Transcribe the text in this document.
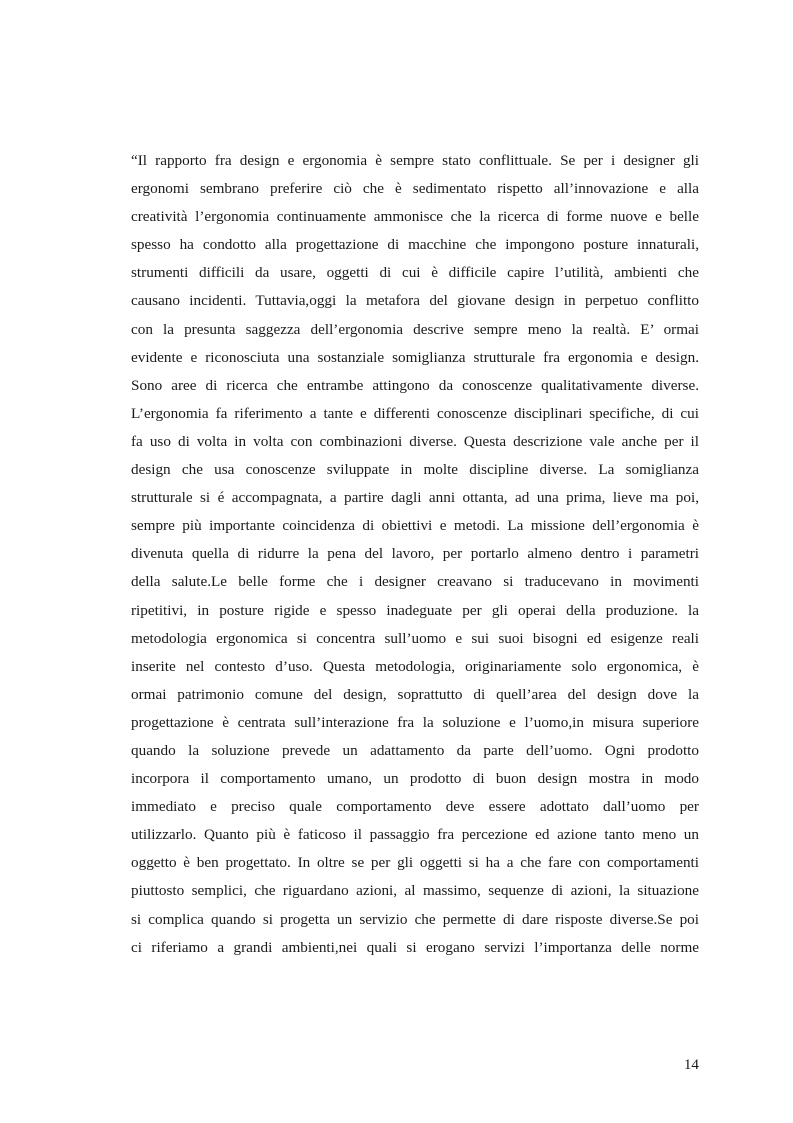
“Il rapporto fra design e ergonomia è sempre stato conflittuale. Se per i designer gli
ergonomi sembrano preferire ciò che è sedimentato rispetto all’innovazione e alla
creatività l’ergonomia continuamente ammonisce che la ricerca di forme nuove e belle
spesso ha condotto alla progettazione di macchine che impongono posture innaturali,
strumenti difficili da usare, oggetti di cui è difficile capire l’utilità, ambienti che
causano incidenti. Tuttavia,oggi la metafora del giovane design in perpetuo conflitto
con la presunta saggezza dell’ergonomia descrive sempre meno la realtà. E’ ormai
evidente e riconosciuta una sostanziale somiglianza strutturale fra ergonomia e design.
Sono aree di ricerca che entrambe attingono da conoscenze qualitativamente diverse.
L’ergonomia fa riferimento a tante e differenti conoscenze disciplinari specifiche, di cui
fa uso di volta in volta con combinazioni diverse. Questa descrizione vale anche per il
design che usa conoscenze sviluppate in molte discipline diverse. La somiglianza
strutturale si é accompagnata, a partire dagli anni ottanta, ad una prima, lieve ma poi,
sempre più importante coincidenza di obiettivi e metodi. La missione dell’ergonomia è
divenuta quella di ridurre la pena del lavoro, per portarlo almeno dentro i parametri
della salute.Le belle forme che i designer creavano si traducevano in movimenti
ripetitivi, in posture rigide e spesso inadeguate per gli operai della produzione. la
metodologia ergonomica si concentra sull’uomo e sui suoi bisogni ed esigenze reali
inserite nel contesto d’uso. Questa metodologia, originariamente solo ergonomica, è
ormai patrimonio comune del design, soprattutto di quell’area del design dove la
progettazione è centrata sull’interazione fra la soluzione e l’uomo,in misura superiore
quando la soluzione prevede un adattamento da parte dell’uomo. Ogni prodotto
incorpora il comportamento umano, un prodotto di buon design mostra in modo
immediato e preciso quale comportamento deve essere adottato dall’uomo per
utilizzarlo. Quanto più è faticoso il passaggio fra percezione ed azione tanto meno un
oggetto è ben progettato. In oltre se per gli oggetti si ha a che fare con comportamenti
piuttosto semplici, che riguardano azioni, al massimo, sequenze di azioni, la situazione
si complica quando si progetta un servizio che permette di dare risposte diverse.Se poi
ci riferiamo a grandi ambienti,nei quali si erogano servizi l’importanza delle norme
14
